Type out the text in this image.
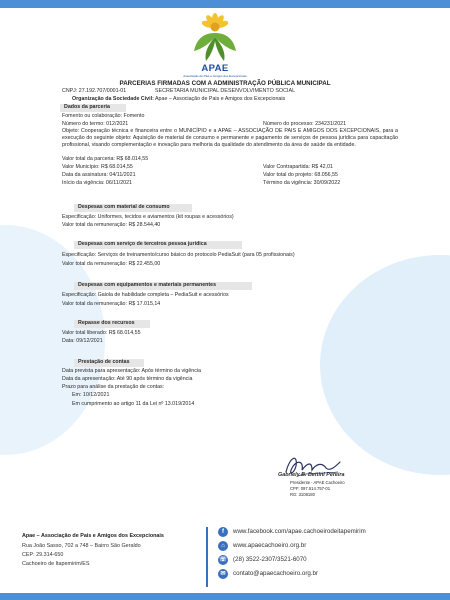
APAE
Associação de Pais e Amigos dos Excepcionais
PARCERIAS FIRMADAS COM A ADMINISTRAÇÃO PÚBLICA MUNICIPAL
SECRETARIA MUNICIPAL DESENVOLVIMENTO SOCIAL
CNPJ: 27.192.707/0001-01
Organização da Sociedade Civil: Apae – Associação de Pais e Amigos dos Excepcionais
Dados da parceria
Fomento ou colaboração: Fomento
Número do termo: 012/2021	Número do processo: 234231/2021
Objeto: Cooperação técnica e financeira entre o MUNICÍPIO e a APAE – ASSOCIAÇÃO DE PAIS E AMIGOS DOS EXCEPCIONAIS, para a execução do seguinte objeto: Aquisição de material de consumo e permanente e pagamento de serviços de pessoa jurídica para capacitação profissional, visando complementação e inovação para melhoria da qualidade do atendimento da área de saúde da entidade.
Valor total da parceria: R$ 68.014,55
Valor Município: R$ 68.014,55	Valor Contrapartida: R$ 42,01
Data da assinatura: 04/11/2021	Valor total do projeto: 68.056,55
Início da vigência: 06/11/2021	Término da vigência: 30/09/2022
Despesas com material de consumo
Especificação: Uniformes, tecidos e aviamentos (kit roupas e acessórios)
Valor total da remuneração: R$ 28.544,40
Despesas com serviço de terceiros pessoa jurídica
Especificação: Serviços de treinamento/curso básico do protocolo PediaSuit (para 05 profissionais)
Valor total da remuneração: R$ 22.455,00
Despesas com equipamentos e materiais permanentes
Especificação: Gaiola de habilidade completa – PediaSuit e acessórios
Valor total da remuneração: R$ 17.015,14
Repasse dos recursos
Valor total liberado: R$ 68.014,55
Data: 09/12/2021
Prestação de contas
Data prevista para apresentação: Após término da vigência
Data da apresentação: Até 90 após término da vigência
Prazo para análise da prestação de contas:
Em: 10/12/2021
Em cumprimento ao artigo 11 da Lei nº 13.019/2014
Gabriely B. Bettini Pereira
Presidente - APAE Cachoeiro
CPF: 097.514.757-01
RG: 3108180
Apae – Associação de Pais e Amigos dos Excepcionais
Rua João Sasso, 702 a 748 – Bairro São Geraldo
CEP: 29.314-650
Cachoeiro de Itapemirim/ES
f	www.facebook.com/apae.cachoeirodeitapemirim
⌂	www.apaecachoeiro.org.br
☏ (28) 3522-2307/3521-6070
✉	contato@apaecachoeiro.org.br
